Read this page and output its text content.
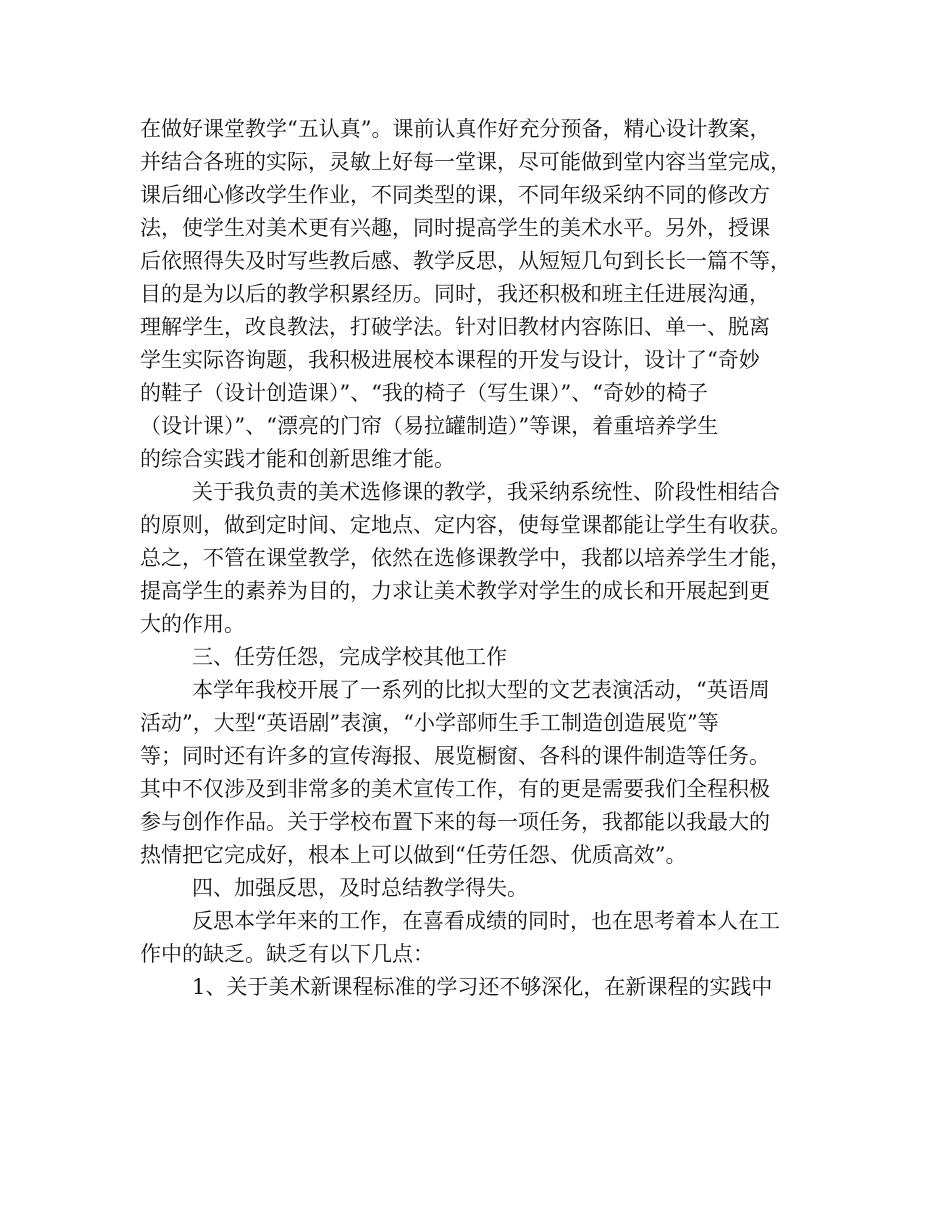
在做好课堂教学“五认真”。课前认真作好充分预备，精心设计教案，
并结合各班的实际，灵敏上好每一堂课，尽可能做到堂内容当堂完成，
课后细心修改学生作业，不同类型的课，不同年级采纳不同的修改方
法，使学生对美术更有兴趣，同时提高学生的美术水平。另外，授课
后依照得失及时写些教后感、教学反思，从短短几句到长长一篇不等，
目的是为以后的教学积累经历。同时，我还积极和班主任进展沟通，
理解学生，改良教法，打破学法。针对旧教材内容陈旧、单一、脱离
学生实际咨询题，我积极进展校本课程的开发与设计，设计了“奇妙
的鞋子（设计创造课）”、“我的椅子（写生课）”、“奇妙的椅子
（设计课）”、“漂亮的门帘（易拉罐制造）”等课，着重培养学生
的综合实践才能和创新思维才能。
关于我负责的美术选修课的教学，我采纳系统性、阶段性相结合
的原则，做到定时间、定地点、定内容，使每堂课都能让学生有收获。
总之，不管在课堂教学，依然在选修课教学中，我都以培养学生才能，
提高学生的素养为目的，力求让美术教学对学生的成长和开展起到更
大的作用。
三、任劳任怨，完成学校其他工作
本学年我校开展了一系列的比拟大型的文艺表演活动，“英语周
活动”，大型“英语剧”表演，“小学部师生手工制造创造展览”等
等；同时还有许多的宣传海报、展览橱窗、各科的课件制造等任务。
其中不仅涉及到非常多的美术宣传工作，有的更是需要我们全程积极
参与创作作品。关于学校布置下来的每一项任务，我都能以我最大的
热情把它完成好，根本上可以做到“任劳任怨、优质高效”。
四、加强反思，及时总结教学得失。
反思本学年来的工作，在喜看成绩的同时，也在思考着本人在工
作中的缺乏。缺乏有以下几点：
1、关于美术新课程标准的学习还不够深化，在新课程的实践中
